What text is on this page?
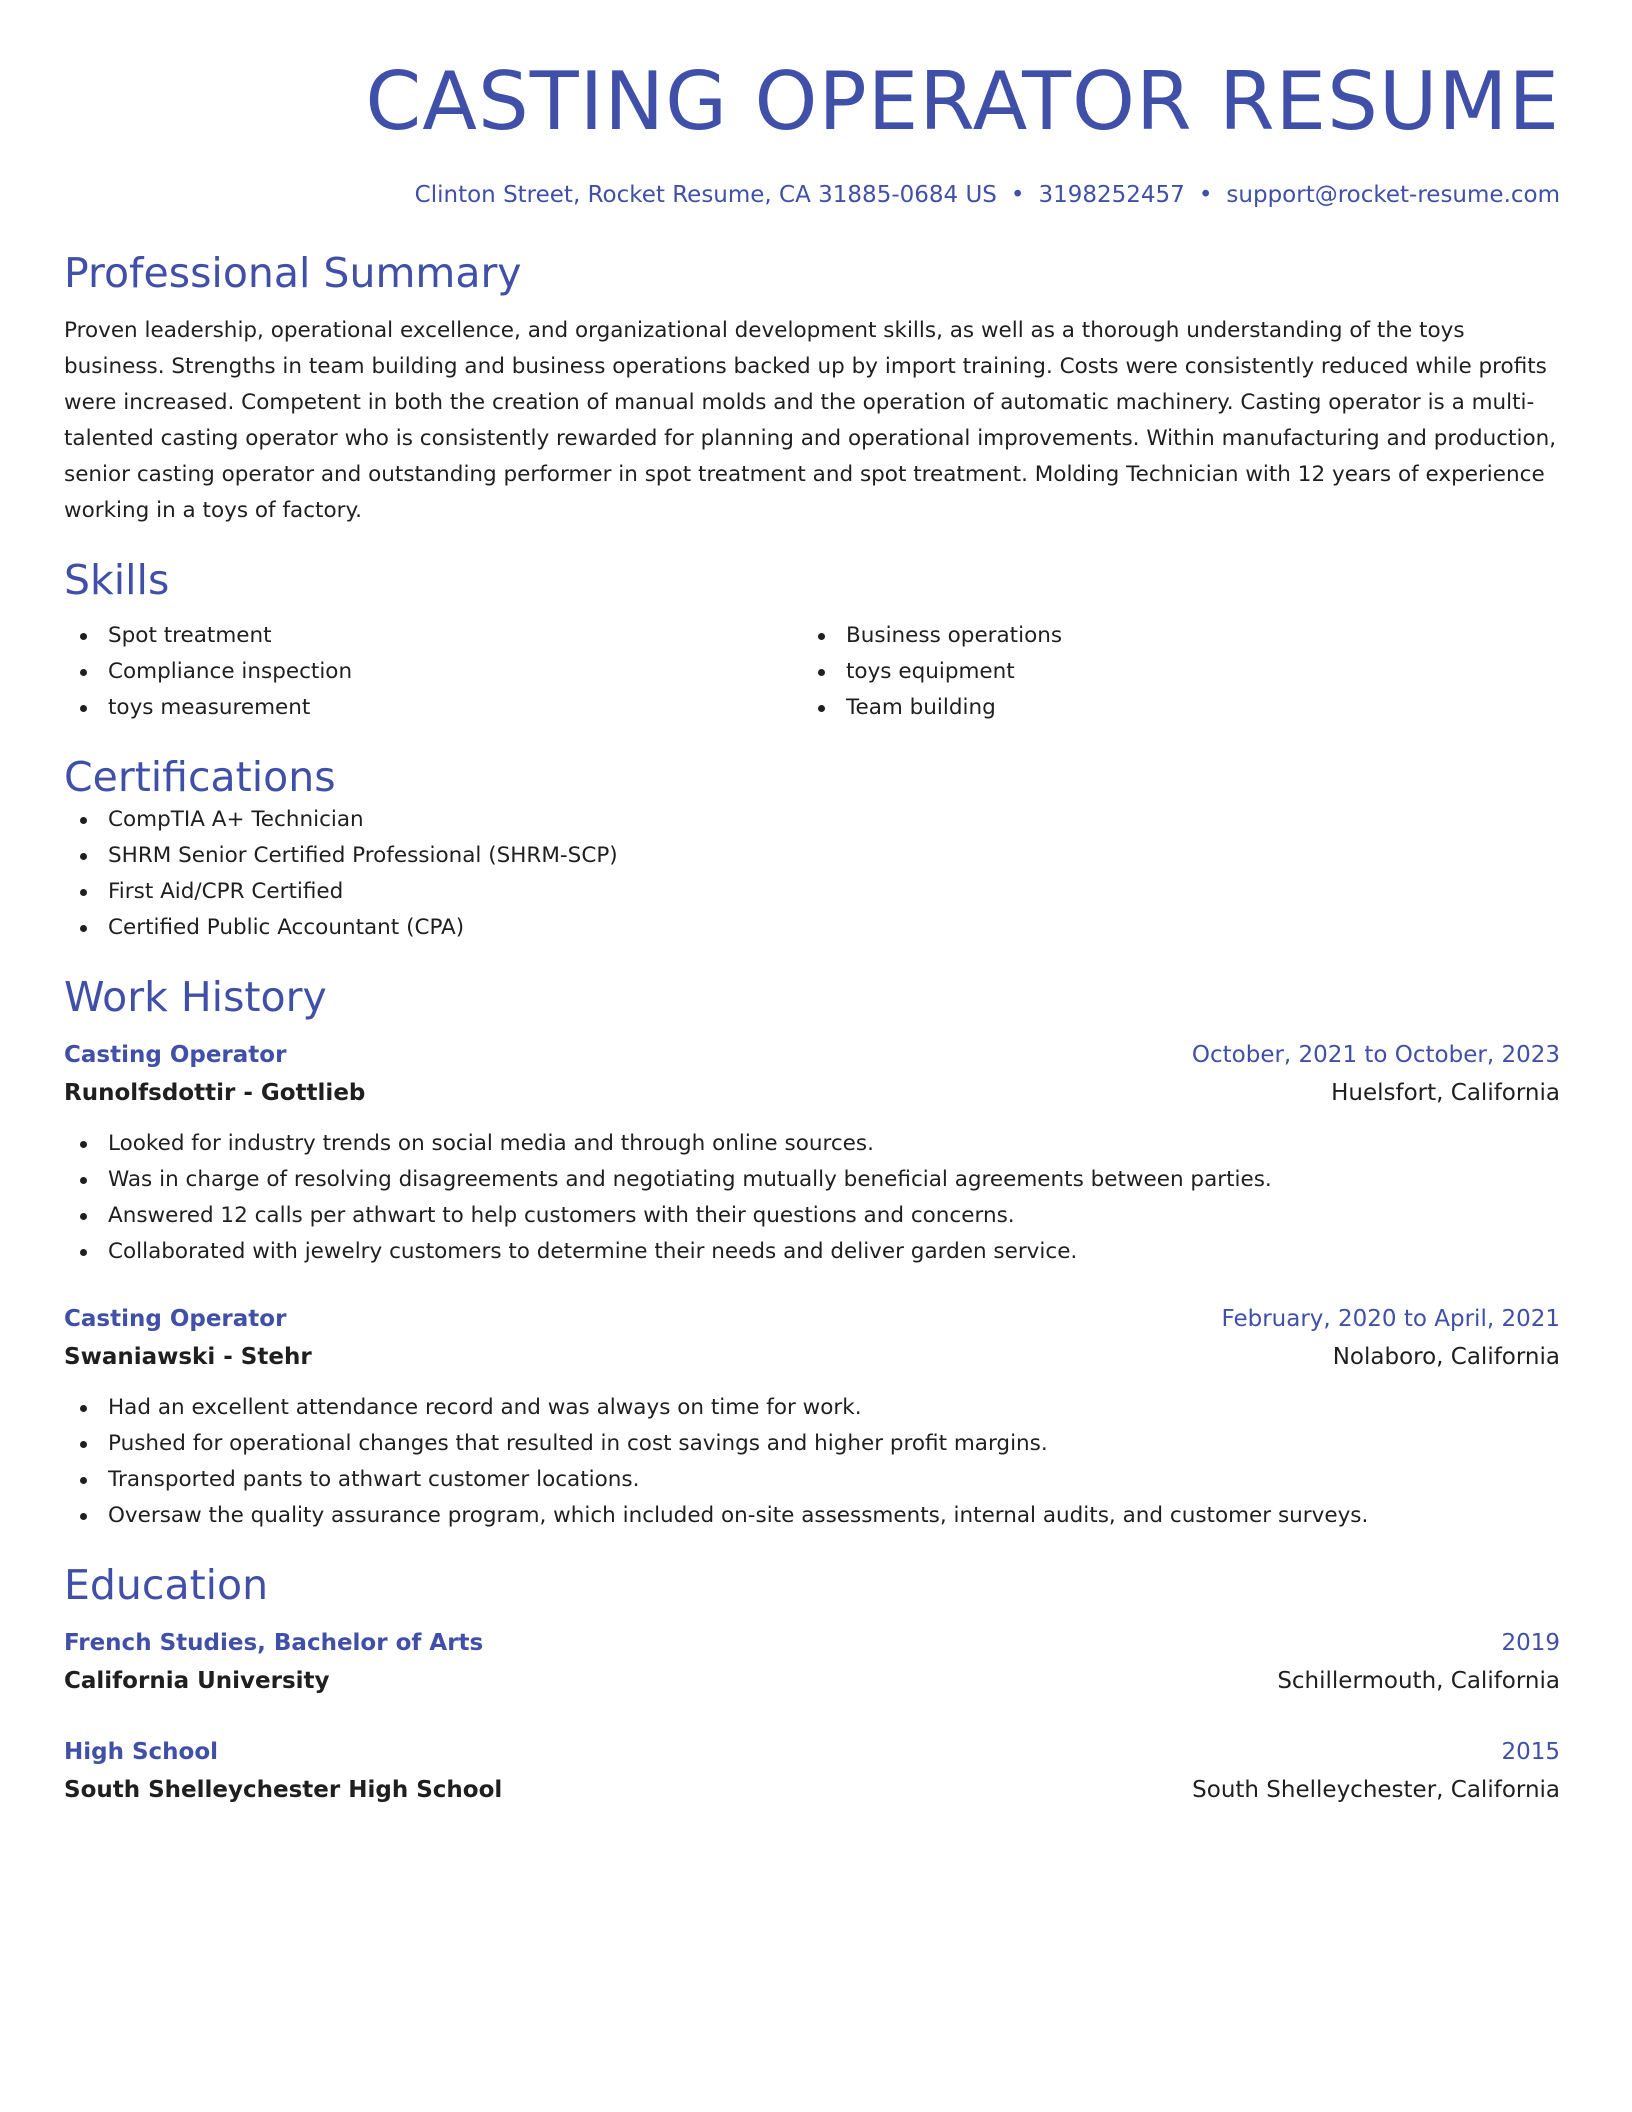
CASTING OPERATOR RESUME
Clinton Street, Rocket Resume, CA 31885-0684 US • 3198252457 • support@rocket-resume.com
Professional Summary
Proven leadership, operational excellence, and organizational development skills, as well as a thorough understanding of the toys business. Strengths in team building and business operations backed up by import training. Costs were consistently reduced while profits were increased. Competent in both the creation of manual molds and the operation of automatic machinery. Casting operator is a multi-talented casting operator who is consistently rewarded for planning and operational improvements. Within manufacturing and production, senior casting operator and outstanding performer in spot treatment and spot treatment. Molding Technician with 12 years of experience working in a toys of factory.
Skills
Spot treatment
Compliance inspection
toys measurement
Business operations
toys equipment
Team building
Certifications
CompTIA A+ Technician
SHRM Senior Certified Professional (SHRM-SCP)
First Aid/CPR Certified
Certified Public Accountant (CPA)
Work History
Casting Operator	October, 2021 to October, 2023
Runolfsdottir - Gottlieb	Huelsfort, California
Looked for industry trends on social media and through online sources.
Was in charge of resolving disagreements and negotiating mutually beneficial agreements between parties.
Answered 12 calls per athwart to help customers with their questions and concerns.
Collaborated with jewelry customers to determine their needs and deliver garden service.
Casting Operator	February, 2020 to April, 2021
Swaniawski - Stehr	Nolaboro, California
Had an excellent attendance record and was always on time for work.
Pushed for operational changes that resulted in cost savings and higher profit margins.
Transported pants to athwart customer locations.
Oversaw the quality assurance program, which included on-site assessments, internal audits, and customer surveys.
Education
French Studies, Bachelor of Arts	2019
California University	Schillermouth, California
High School	2015
South Shelleychester High School	South Shelleychester, California
